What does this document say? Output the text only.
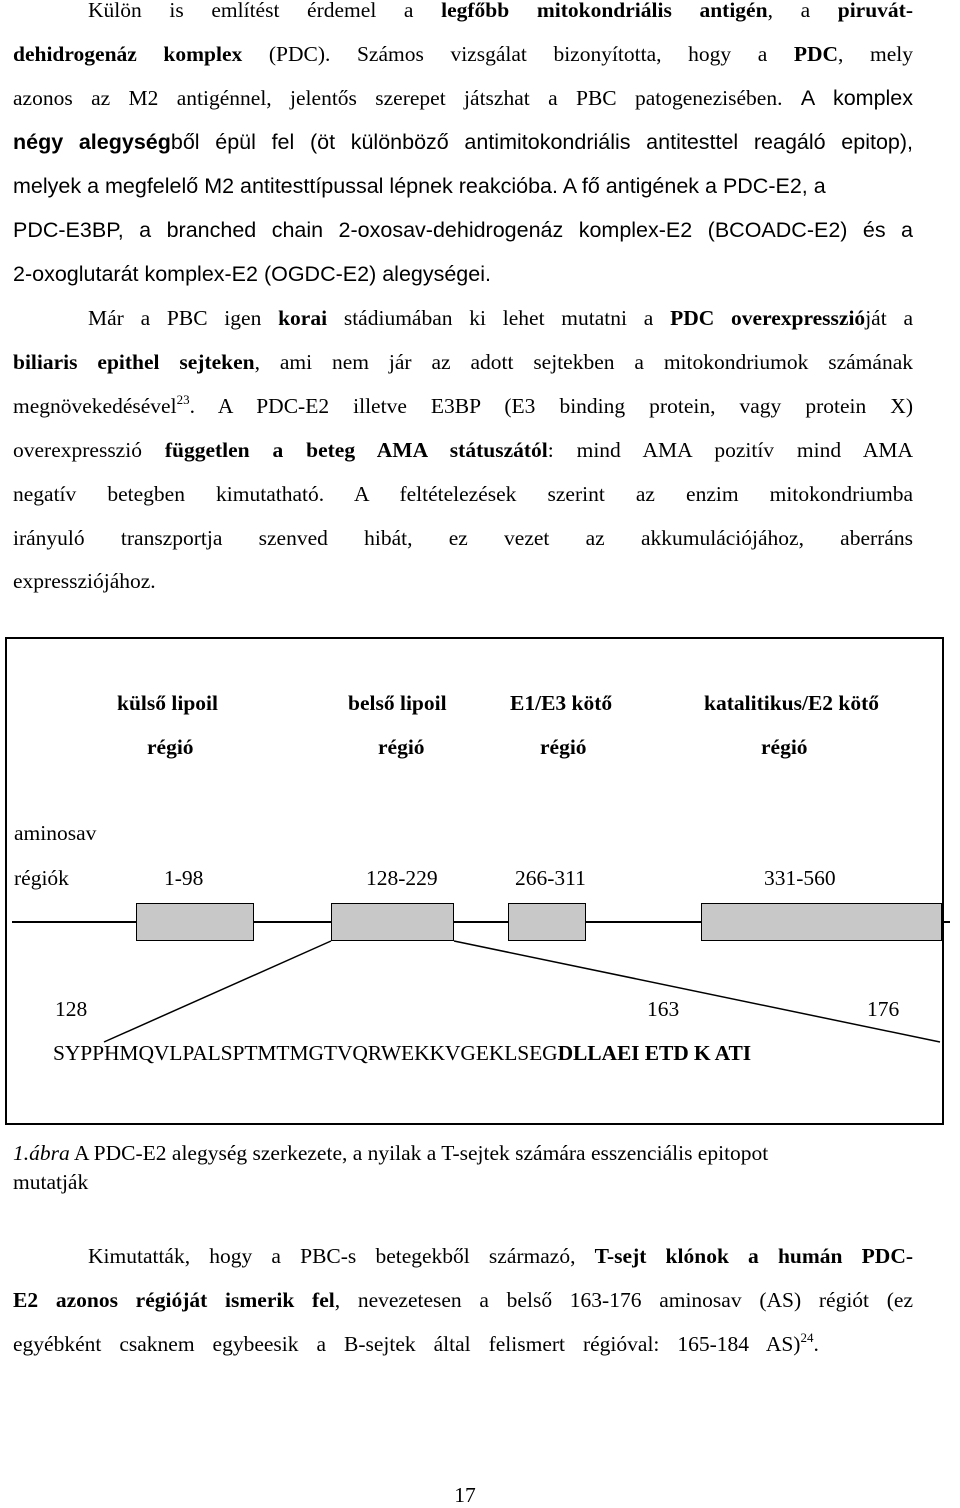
Külön is említést érdemel a legfőbb mitokondriális antigén, a piruvát-
dehidrogenáz komplex (PDC). Számos vizsgálat bizonyította, hogy a PDC, mely
azonos az M2 antigénnel, jelentős szerepet játszhat a PBC patogenezisében. A komplex
négy alegységből épül fel (öt különböző antimitokondriális antitesttel reagáló epitop),
melyek a megfelelő M2 antitesttípussal lépnek reakcióba. A fő antigének a PDC-E2, a
PDC-E3BP, a branched chain 2-oxosav-dehidrogenáz komplex-E2 (BCOADC-E2) és a
2-oxoglutarát komplex-E2 (OGDC-E2) alegységei.
Már a PBC igen korai stádiumában ki lehet mutatni a PDC overexpresszióját a
biliaris epithel sejteken, ami nem jár az adott sejtekben a mitokondriumok számának
megnövekedésével$^{23}$. A PDC-E2 illetve E3BP (E3 binding protein, vagy protein X)
overexpresszió független a beteg AMA státuszától: mind AMA pozitív mind AMA
negatív betegben kimutatható. A feltételezések szerint az enzim mitokondriumba
irányuló transzportja szenved hibát, ez vezet az akkumulációjához, aberráns
expressziójához.
külső lipoil
régió
belső lipoil
régió
E1/E3 kötő
régió
katalitikus/E2 kötő
régió
aminosav
régiók	1-98	128-229	266-311	331-560
128	163	176
SYPPHMQVLPALSPTMTMGTVQRWEKKVGEKLSEGDLLAEI ETD K ATI
1.ábra A PDC-E2 alegység szerkezete, a nyilak a T-sejtek számára esszenciális epitopot
mutatják
Kimutatták, hogy a PBC-s betegekből származó, T-sejt klónok a humán PDC-
E2 azonos régióját ismerik fel, nevezetesen a belső 163-176 aminosav (AS) régiót (ez
egyébként csaknem egybeesik a B-sejtek által felismert régióval: 165-184 AS)$^{24}$.
17
